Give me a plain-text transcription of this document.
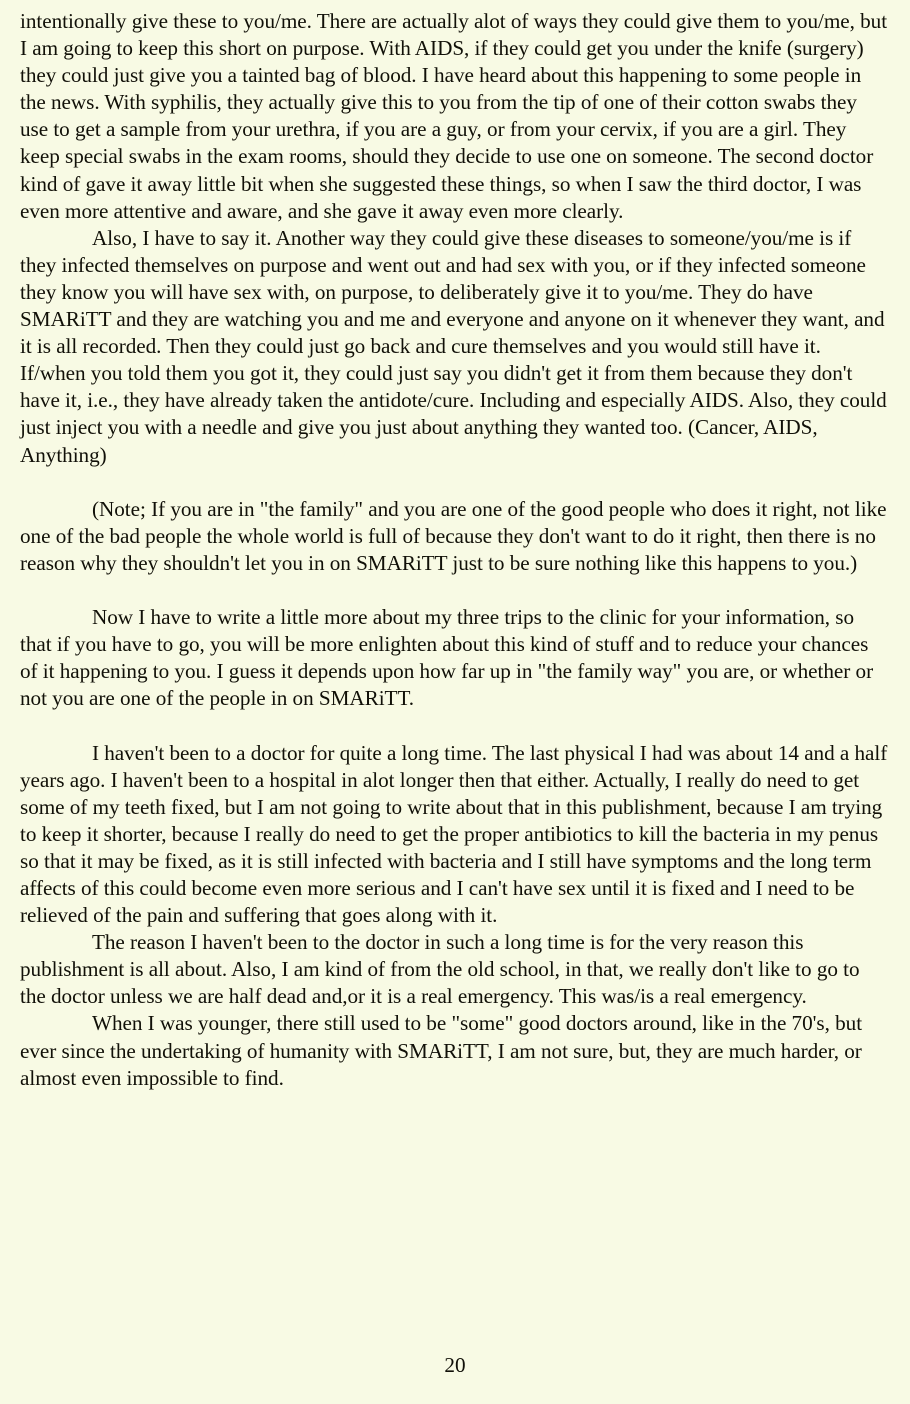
intentionally give these to you/me. There are actually alot of ways they could give them to you/me, but I am going to keep this short on purpose. With AIDS, if they could get you under the knife (surgery) they could just give you a tainted bag of blood. I have heard about this happening to some people in the news. With syphilis, they actually give this to you from the tip of one of their cotton swabs they use to get a sample from your urethra, if you are a guy, or from your cervix, if you are a girl. They keep special swabs in the exam rooms, should they decide to use one on someone. The second doctor kind of gave it away little bit when she suggested these things, so when I saw the third doctor, I was even more attentive and aware, and she gave it away even more clearly.

Also, I have to say it. Another way they could give these diseases to someone/you/me is if they infected themselves on purpose and went out and had sex with you, or if they infected someone they know you will have sex with, on purpose, to deliberately give it to you/me. They do have SMARiTT and they are watching you and me and everyone and anyone on it whenever they want, and it is all recorded. Then they could just go back and cure themselves and you would still have it. If/when you told them you got it, they could just say you didn't get it from them because they don't have it, i.e., they have already taken the antidote/cure. Including and especially AIDS. Also, they could just inject you with a needle and give you just about anything they wanted too. (Cancer, AIDS, Anything)

(Note; If you are in "the family" and you are one of the good people who does it right, not like one of the bad people the whole world is full of because they don't want to do it right, then there is no reason why they shouldn't let you in on SMARiTT just to be sure nothing like this happens to you.)

Now I have to write a little more about my three trips to the clinic for your information, so that if you have to go, you will be more enlighten about this kind of stuff and to reduce your chances of it happening to you. I guess it depends upon how far up in "the family way" you are, or whether or not you are one of the people in on SMARiTT.

I haven't been to a doctor for quite a long time. The last physical I had was about 14 and a half years ago. I haven't been to a hospital in alot longer then that either. Actually, I really do need to get some of my teeth fixed, but I am not going to write about that in this publishment, because I am trying to keep it shorter, because I really do need to get the proper antibiotics to kill the bacteria in my penus so that it may be fixed, as it is still infected with bacteria and I still have symptoms and the long term affects of this could become even more serious and I can't have sex until it is fixed and I need to be relieved of the pain and suffering that goes along with it.

The reason I haven't been to the doctor in such a long time is for the very reason this publishment is all about. Also, I am kind of from the old school, in that, we really don't like to go to the doctor unless we are half dead and,or it is a real emergency. This was/is a real emergency.

When I was younger, there still used to be "some" good doctors around, like in the 70's, but ever since the undertaking of humanity with SMARiTT, I am not sure, but, they are much harder, or almost even impossible to find.

20
